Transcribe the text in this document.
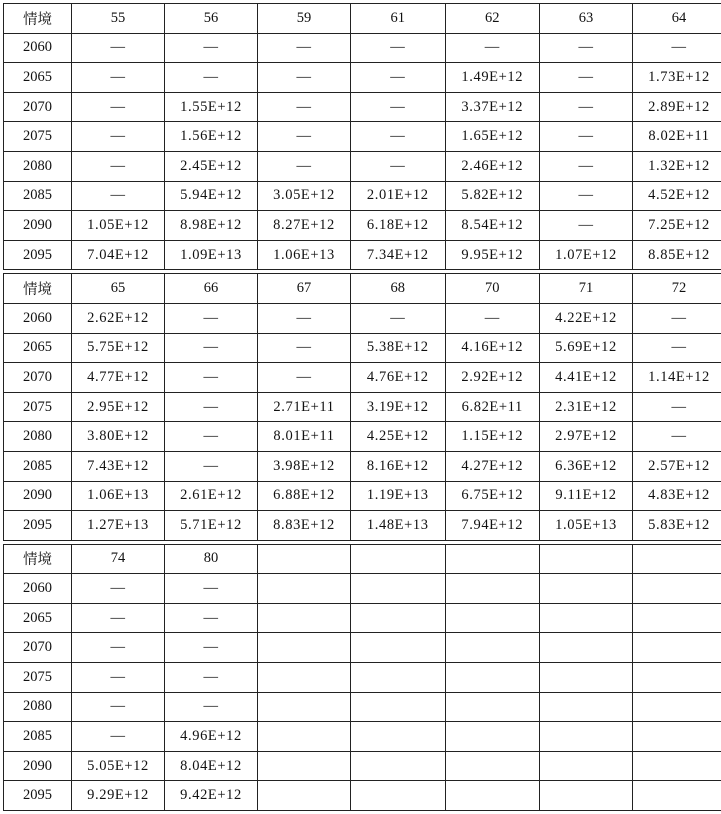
情境	55	56	59	61	62	63	64
2060	—	—	—	—	—	—	—
2065	—	—	—	—	1.49E+12	—	1.73E+12
2070	—	1.55E+12	—	—	3.37E+12	—	2.89E+12
2075	—	1.56E+12	—	—	1.65E+12	—	8.02E+11
2080	—	2.45E+12	—	—	2.46E+12	—	1.32E+12
2085	—	5.94E+12	3.05E+12	2.01E+12	5.82E+12	—	4.52E+12
2090	1.05E+12	8.98E+12	8.27E+12	6.18E+12	8.54E+12	—	7.25E+12
2095	7.04E+12	1.09E+13	1.06E+13	7.34E+12	9.95E+12	1.07E+12	8.85E+12
情境	65	66	67	68	70	71	72
2060	2.62E+12	—	—	—	—	4.22E+12	—
2065	5.75E+12	—	—	5.38E+12	4.16E+12	5.69E+12	—
2070	4.77E+12	—	—	4.76E+12	2.92E+12	4.41E+12	1.14E+12
2075	2.95E+12	—	2.71E+11	3.19E+12	6.82E+11	2.31E+12	—
2080	3.80E+12	—	8.01E+11	4.25E+12	1.15E+12	2.97E+12	—
2085	7.43E+12	—	3.98E+12	8.16E+12	4.27E+12	6.36E+12	2.57E+12
2090	1.06E+13	2.61E+12	6.88E+12	1.19E+13	6.75E+12	9.11E+12	4.83E+12
2095	1.27E+13	5.71E+12	8.83E+12	1.48E+13	7.94E+12	1.05E+13	5.83E+12
情境	74	80					
2060	—	—					
2065	—	—					
2070	—	—					
2075	—	—					
2080	—	—					
2085	—	4.96E+12					
2090	5.05E+12	8.04E+12					
2095	9.29E+12	9.42E+12					
